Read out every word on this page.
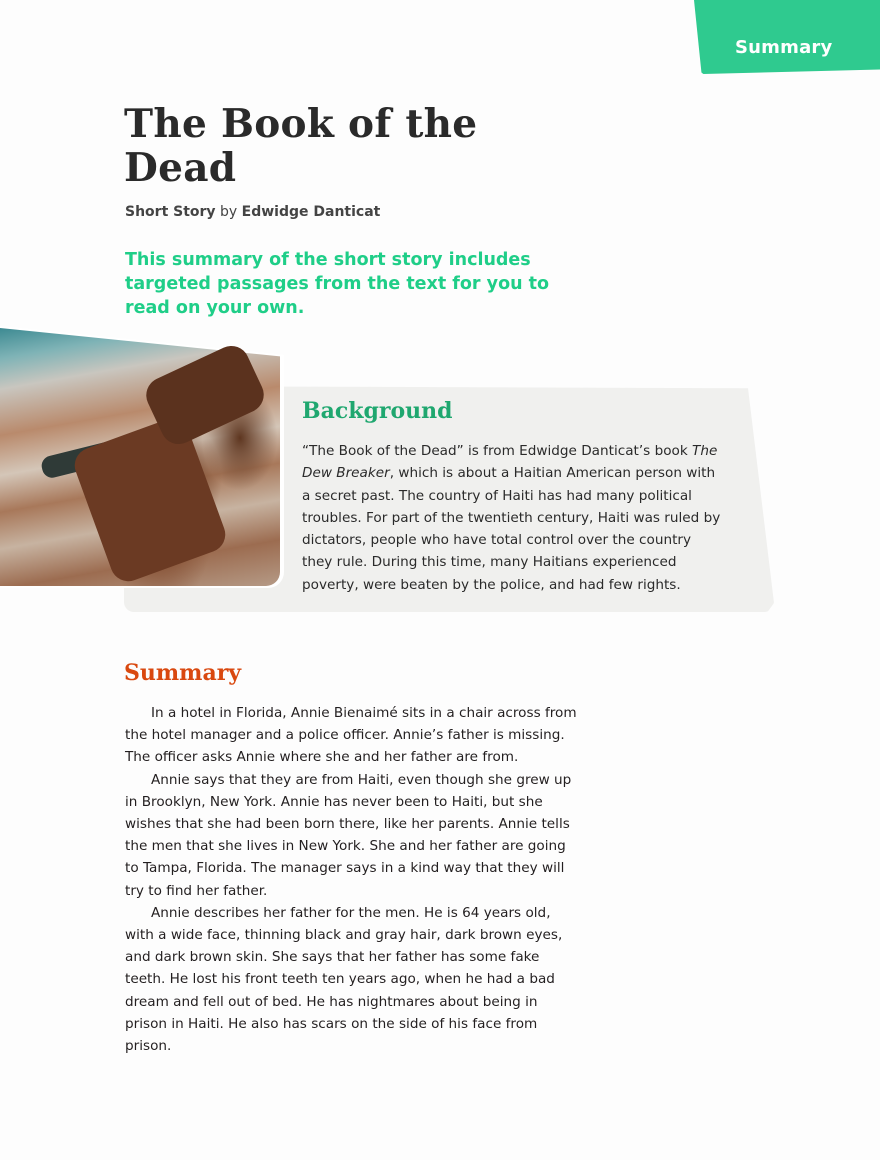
Summary
The Book of the Dead
Short Story by Edwidge Danticat

This summary of the short story includes targeted passages from the text for you to read on your own.

Background

“The Book of the Dead” is from Edwidge Danticat’s book The Dew Breaker, which is about a Haitian American person with a secret past. The country of Haiti has had many political troubles. For part of the twentieth century, Haiti was ruled by dictators, people who have total control over the country they rule. During this time, many Haitians experienced poverty, were beaten by the police, and had few rights.

Summary

In a hotel in Florida, Annie Bienaimé sits in a chair across from the hotel manager and a police officer. Annie’s father is missing. The officer asks Annie where she and her father are from.

Annie says that they are from Haiti, even though she grew up in Brooklyn, New York. Annie has never been to Haiti, but she wishes that she had been born there, like her parents. Annie tells the men that she lives in New York. She and her father are going to Tampa, Florida. The manager says in a kind way that they will try to find her father.

Annie describes her father for the men. He is 64 years old, with a wide face, thinning black and gray hair, dark brown eyes, and dark brown skin. She says that her father has some fake teeth. He lost his front teeth ten years ago, when he had a bad dream and fell out of bed. He has nightmares about being in prison in Haiti. He also has scars on the side of his face from prison.
